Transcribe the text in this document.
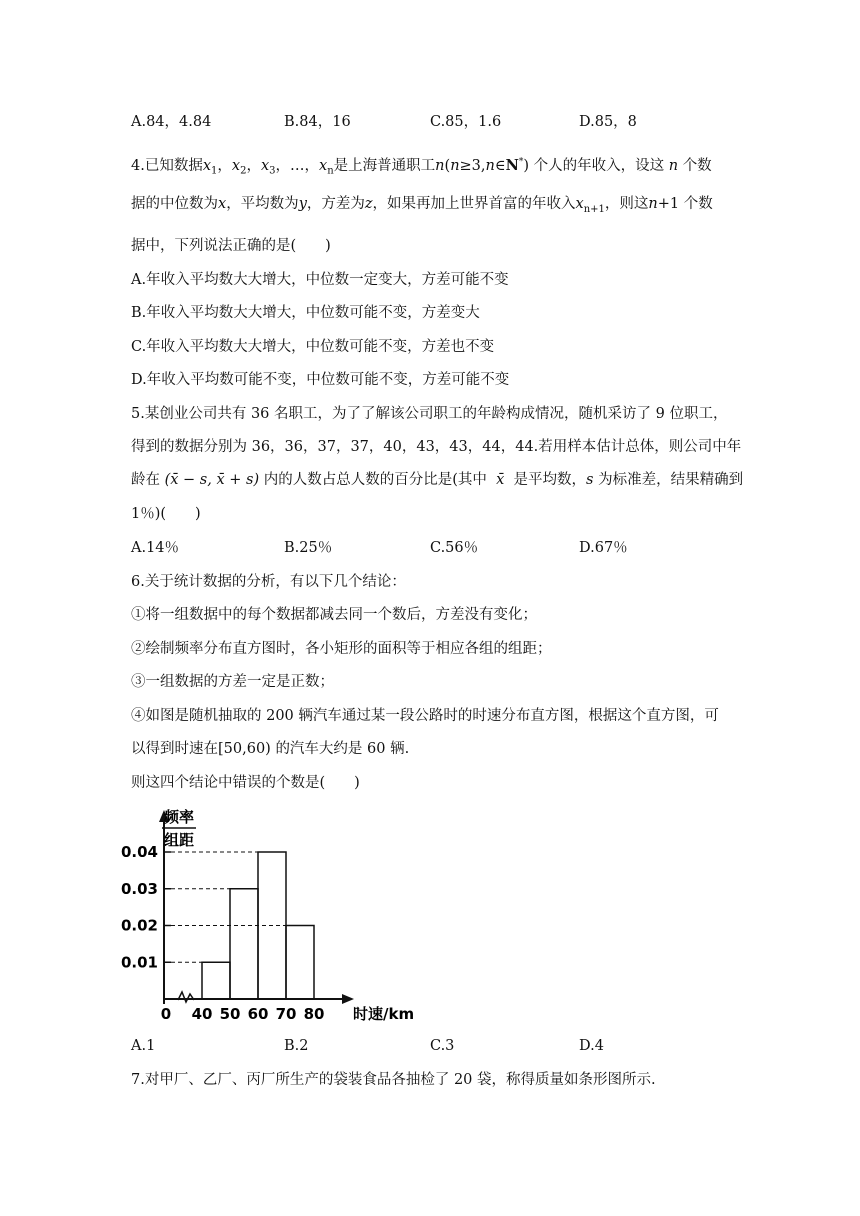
A.84，4.84	B.84，16	C.85，1.6	D.85，8
4.已知数据$x_1$，$x_2$，$x_3$，…，$x_n$是上海普通职工n(n≥3,n∈N*) 个人的年收入，设这 n 个数
据的中位数为x，平均数为y，方差为z，如果再加上世界首富的年收入$x_{n+1}$，则这n+1 个数
据中，下列说法正确的是(　　)
A.年收入平均数大大增大，中位数一定变大，方差可能不变
B.年收入平均数大大增大，中位数可能不变，方差变大
C.年收入平均数大大增大，中位数可能不变，方差也不变
D.年收入平均数可能不变，中位数可能不变，方差可能不变
5.某创业公司共有 36 名职工，为了了解该公司职工的年龄构成情况，随机采访了 9 位职工，
得到的数据分别为 36，36，37，37，40，43，43，44，44.若用样本估计总体，则公司中年
龄在 (x̄ − s, x̄ + s) 内的人数占总人数的百分比是(其中 x̄ 是平均数，s 为标准差，结果精确到
1％)(　　)
A.14％	B.25％	C.56％	D.67％
6.关于统计数据的分析，有以下几个结论：
①将一组数据中的每个数据都减去同一个数后，方差没有变化；
②绘制频率分布直方图时，各小矩形的面积等于相应各组的组距；
③一组数据的方差一定是正数；
④如图是随机抽取的 200 辆汽车通过某一段公路时的时速分布直方图，根据这个直方图，可
以得到时速在[50,60) 的汽车大约是 60 辆.
则这四个结论中错误的个数是(　　)
频率
组距
0	时速/km
0.01
0.02
0.03
0.04
40 50 60 70 80
A.1	B.2	C.3	D.4
7.对甲厂、乙厂、丙厂所生产的袋装食品各抽检了 20 袋，称得质量如条形图所示.
